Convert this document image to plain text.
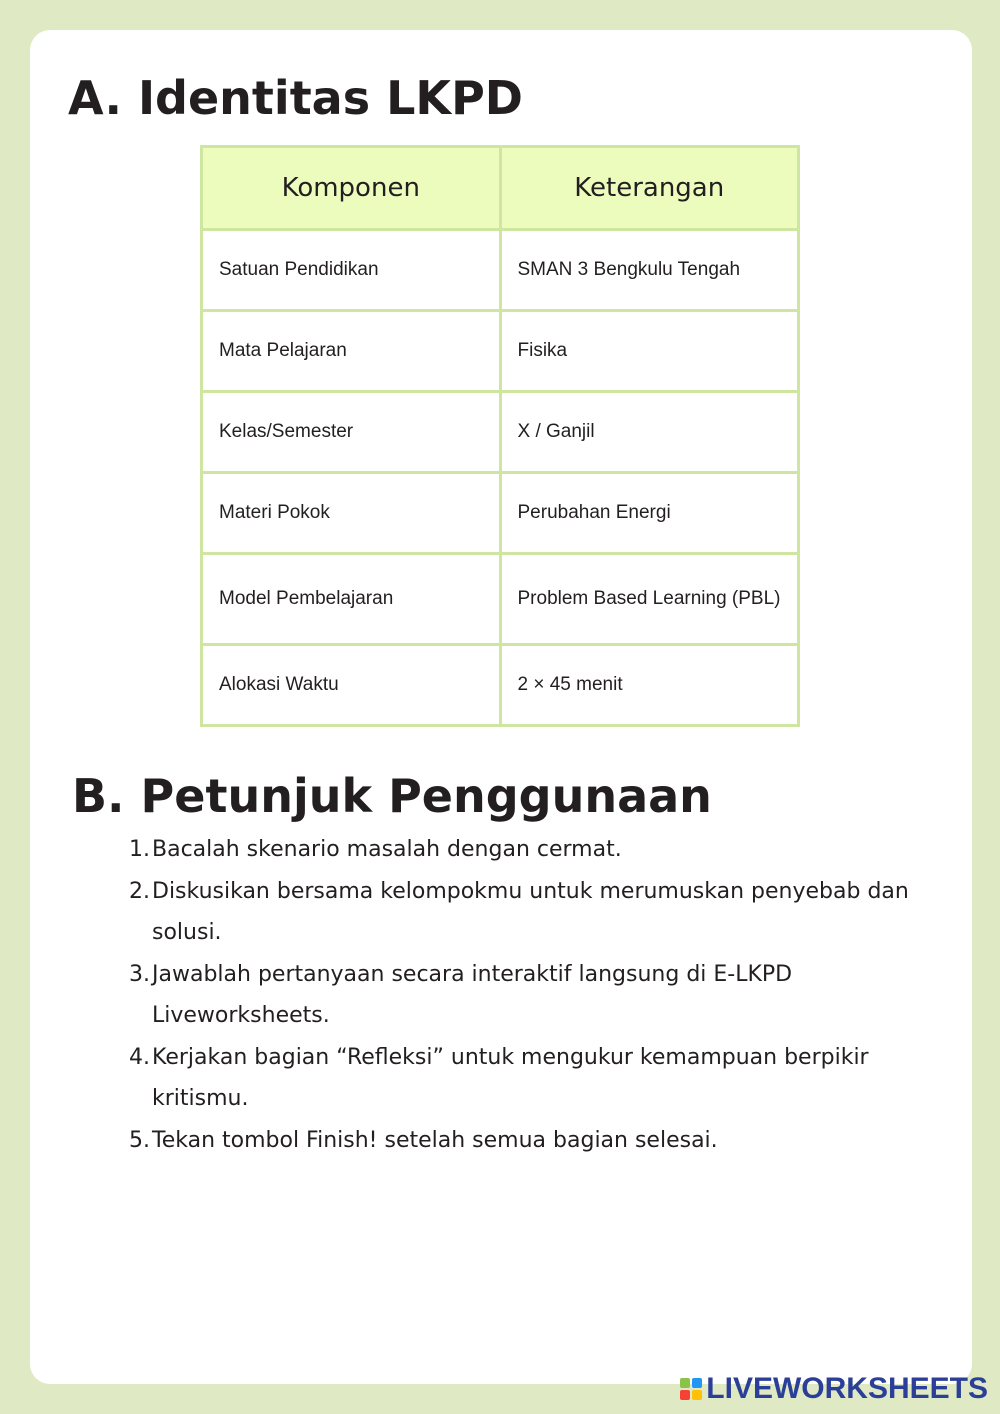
A. Identitas LKPD
Komponen	Keterangan
Satuan Pendidikan	SMAN 3 Bengkulu Tengah
Mata Pelajaran	Fisika
Kelas/Semester	X / Ganjil
Materi Pokok	Perubahan Energi
Model Pembelajaran	Problem Based Learning (PBL)
Alokasi Waktu	2 × 45 menit
B. Petunjuk Penggunaan
1. Bacalah skenario masalah dengan cermat.
2. Diskusikan bersama kelompokmu untuk merumuskan penyebab dan solusi.
3. Jawablah pertanyaan secara interaktif langsung di E-LKPD Liveworksheets.
4. Kerjakan bagian “Refleksi” untuk mengukur kemampuan berpikir kritismu.
5. Tekan tombol Finish! setelah semua bagian selesai.
LIVEWORKSHEETS
